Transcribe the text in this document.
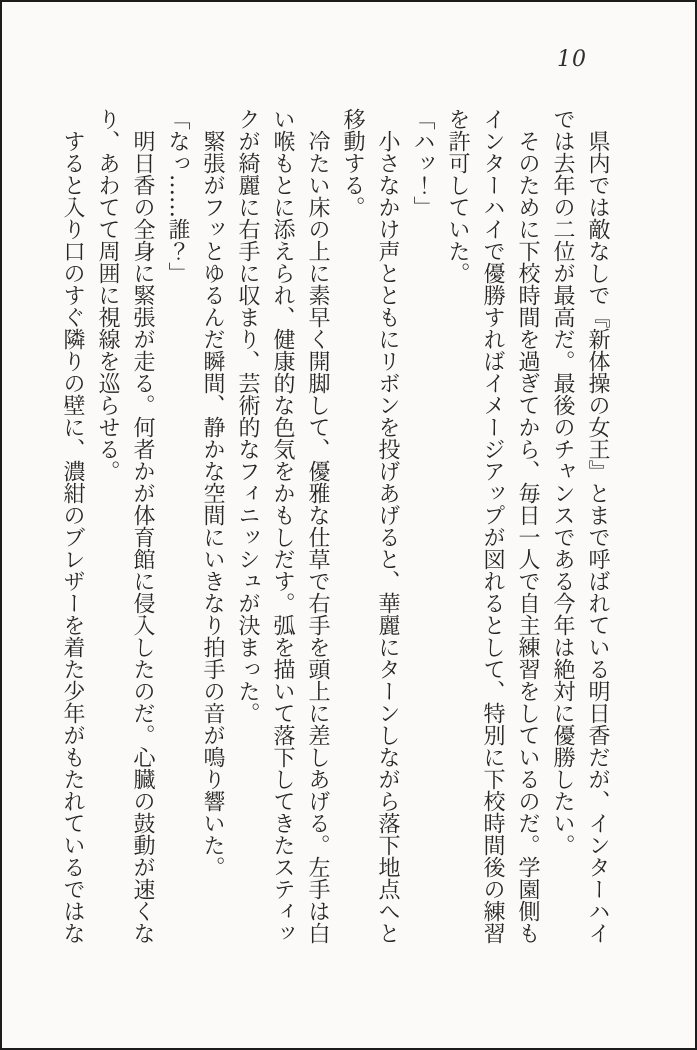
10

県内では敵なしで『新体操の女王』とまで呼ばれている明日香だが、インターハイでは去年の二位が最高だ。最後のチャンスである今年は絶対に優勝したい。

そのために下校時間を過ぎてから、毎日一人で自主練習をしているのだ。学園側もインターハイで優勝すればイメージアップが図れるとして、特別に下校時間後の練習を許可していた。

「ハッ！」

小さなかけ声とともにリボンを投げあげると、華麗にターンしながら落下地点へと移動する。

冷たい床の上に素早く開脚して、優雅な仕草で右手を頭上に差しあげる。左手は白い喉もとに添えられ、健康的な色気をかもしだす。弧を描いて落下してきたスティックが綺麗に右手に収まり、芸術的なフィニッシュが決まった。

緊張がフッとゆるんだ瞬間、静かな空間にいきなり拍手の音が鳴り響いた。

「なっ……誰？」

明日香の全身に緊張が走る。何者かが体育館に侵入したのだ。心臓の鼓動が速くなり、あわてて周囲に視線を巡らせる。

すると入り口のすぐ隣りの壁に、濃紺のブレザーを着た少年がもたれているではな
